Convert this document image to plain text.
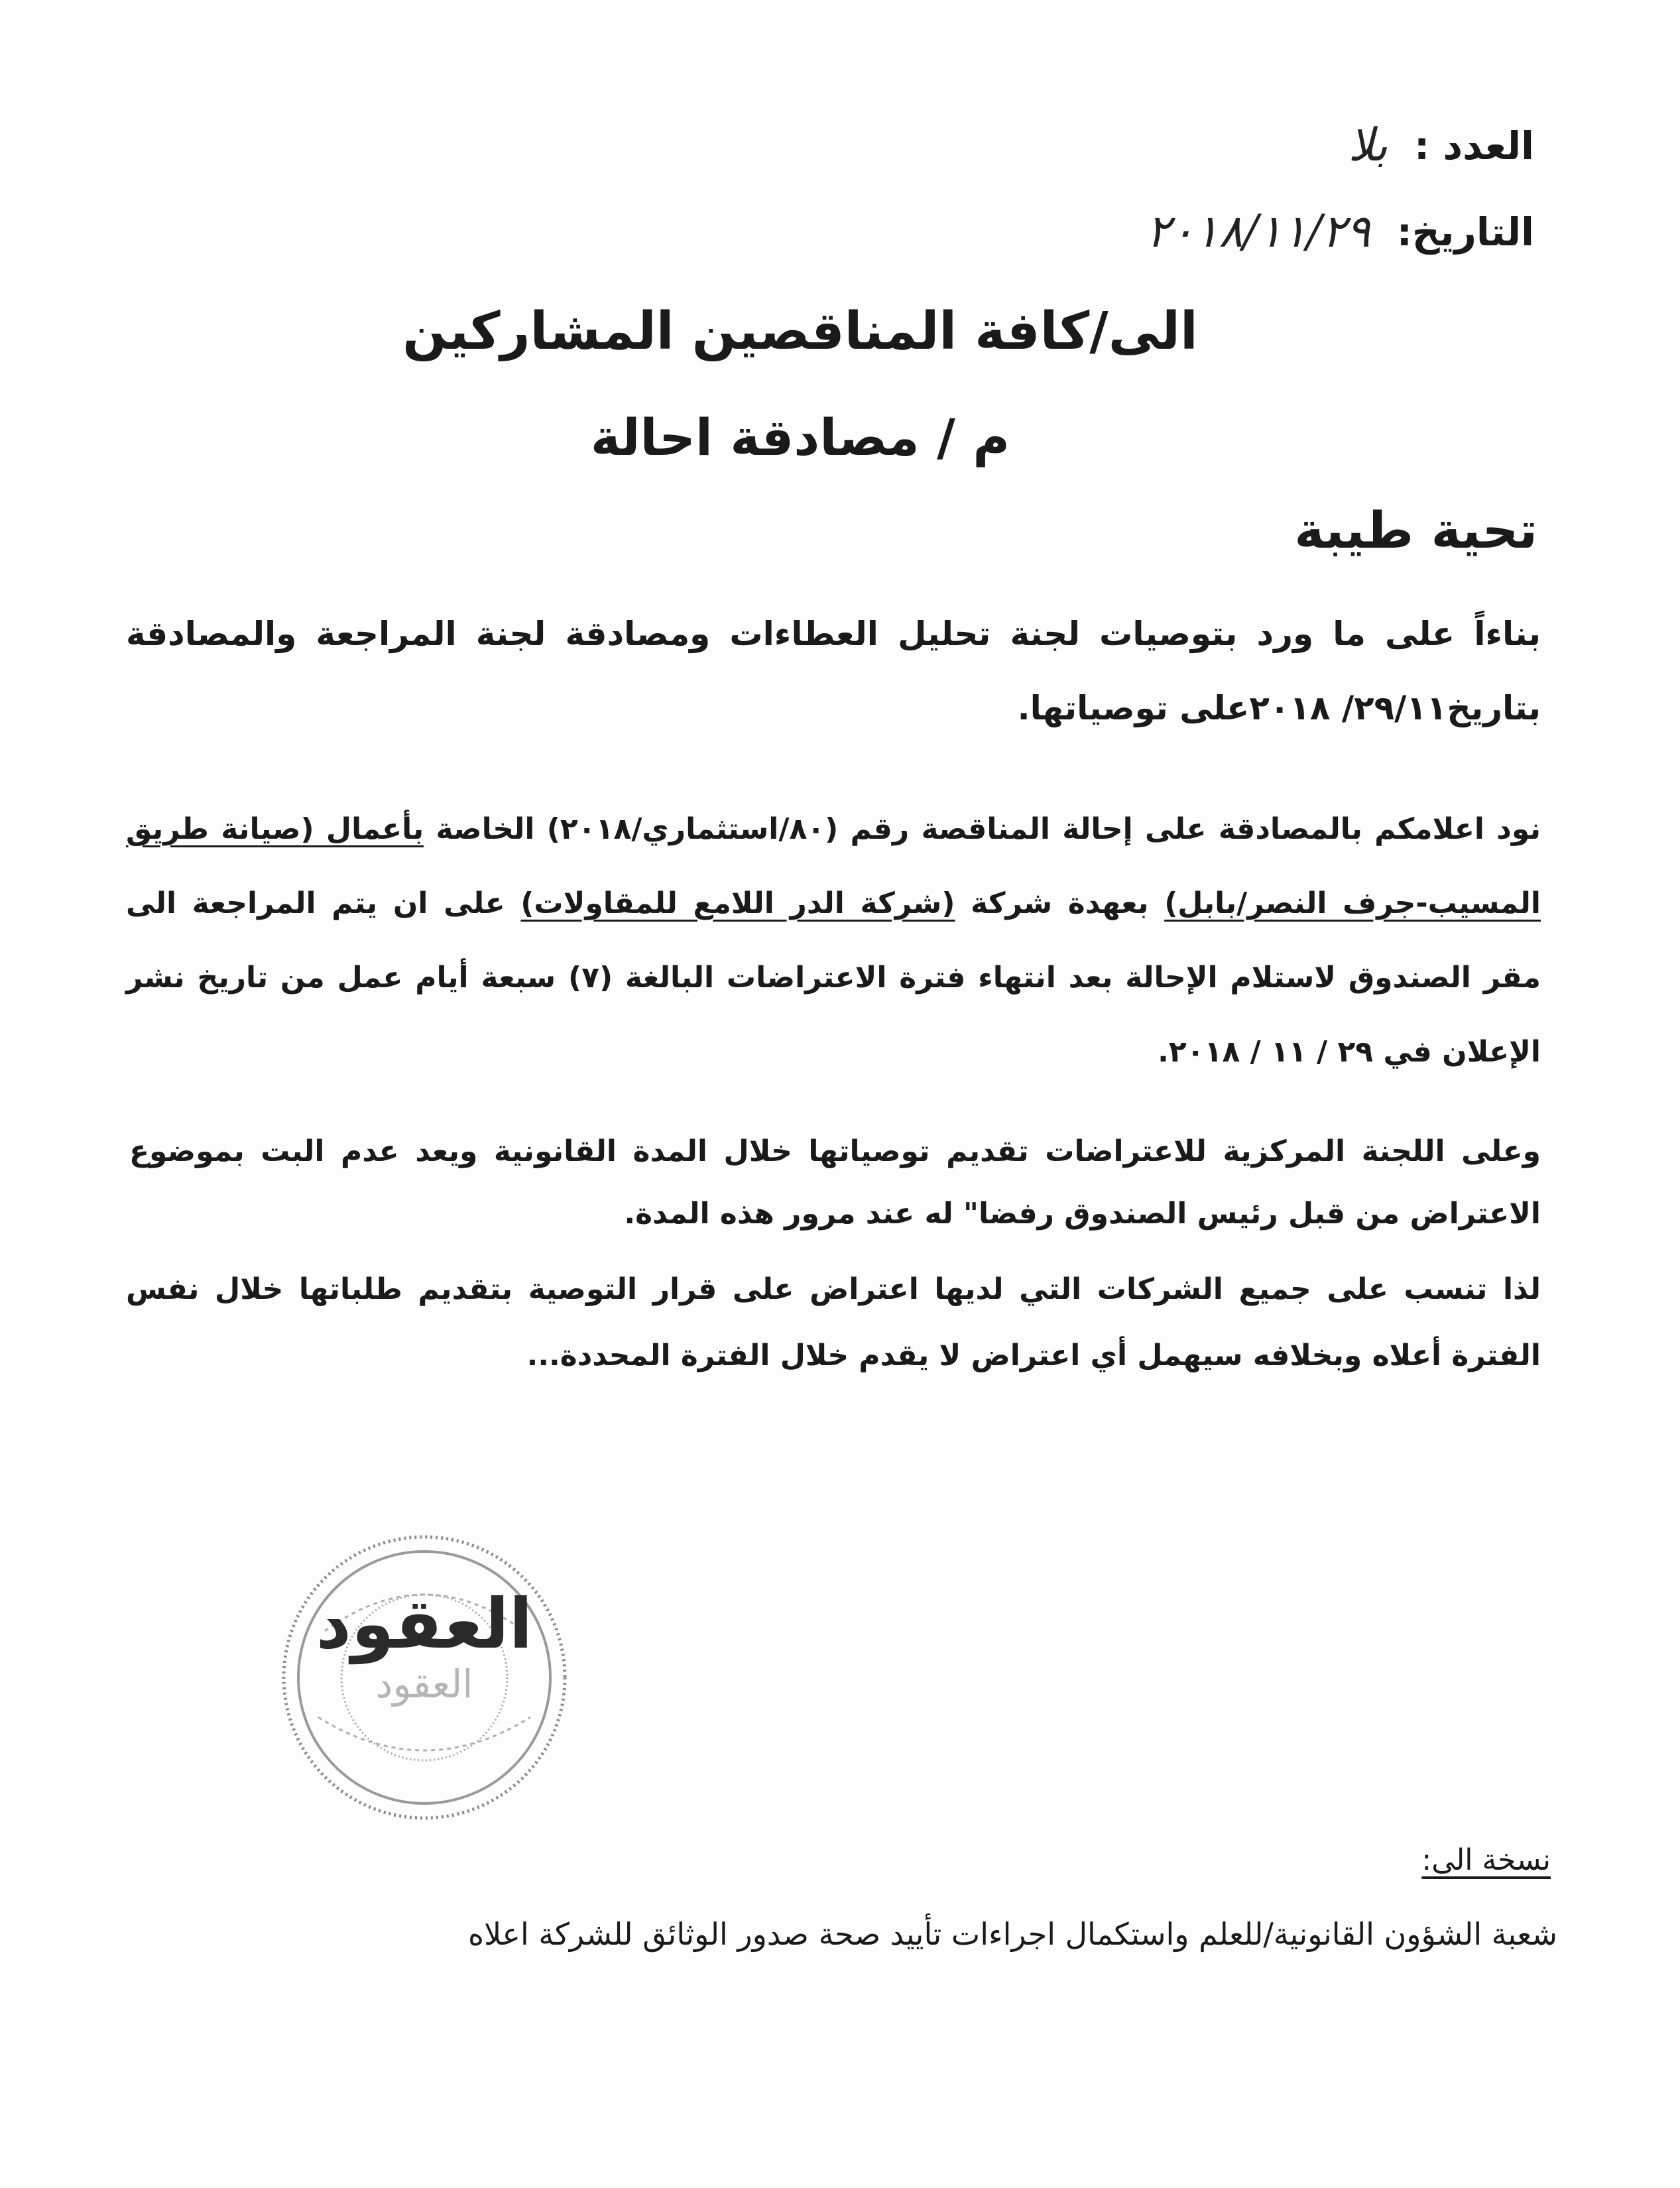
العدد :
بلا
التاريخ:
٢٠١٨/١١/٢٩
الى/كافة المناقصين المشاركين
م / مصادقة احالة
تحية طيبة
بناءاً على ما ورد بتوصيات لجنة تحليل العطاءات ومصادقة لجنة المراجعة والمصادقة بتاريخ٢٩/١١/ ٢٠١٨على توصياتها.
نود اعلامكم بالمصادقة على إحالة المناقصة رقم (٨٠/استثماري/٢٠١٨) الخاصة بأعمال (صيانة طريق المسيب-جرف النصر/بابل) بعهدة شركة (شركة الدر اللامع للمقاولات) على ان يتم المراجعة الى مقر الصندوق لاستلام الإحالة بعد انتهاء فترة الاعتراضات البالغة (٧) سبعة أيام عمل من تاريخ نشر الإعلان في ٢٩ / ١١ / ٢٠١٨.
وعلى اللجنة المركزية للاعتراضات تقديم توصياتها خلال المدة القانونية ويعد عدم البت بموضوع الاعتراض من قبل رئيس الصندوق رفضا" له عند مرور هذه المدة.
لذا تنسب على جميع الشركات التي لديها اعتراض على قرار التوصية بتقديم طلباتها خلال نفس الفترة أعلاه وبخلافه سيهمل أي اعتراض لا يقدم خلال الفترة المحددة...
العقود
العقود
نسخة الى:
شعبة الشؤون القانونية/للعلم واستكمال اجراءات تأييد صحة صدور الوثائق للشركة اعلاه
